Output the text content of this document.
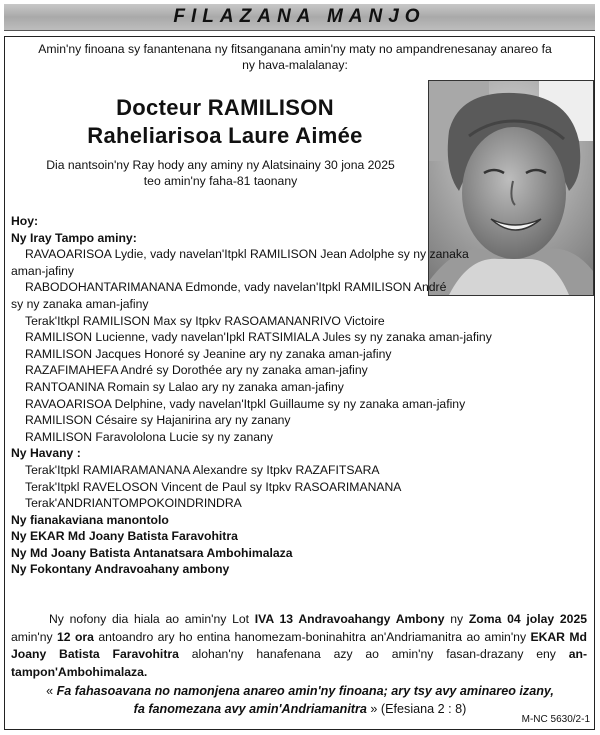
FILAZANA MANJO
Amin'ny finoana sy fanantenana ny fitsanganana amin'ny maty no ampandrenesanay anareo fa ny hava-malalanay:
Docteur RAMILISON
Raheliarisoa Laure Aimée
Dia nantsoin'ny Ray hody any aminy ny Alatsinainy 30 jona 2025
teo amin'ny faha-81 taonany
Hoy:
Ny Iray Tampo aminy:
RAVAOARISOA Lydie, vady navelan'Itpkl RAMILISON Jean Adolphe sy ny zanaka
aman-jafiny
RABODOHANTARIMANANA Edmonde, vady navelan'Itpkl RAMILISON André
sy ny zanaka aman-jafiny
Terak'Itkpl RAMILISON Max sy Itpkv RASOAMANANRIVO Victoire
RAMILISON Lucienne, vady navelan'Ipkl RATSIMIALA Jules sy ny zanaka aman-jafiny
RAMILISON Jacques Honoré sy Jeanine ary ny zanaka aman-jafiny
RAZAFIMAHEFA André sy Dorothée ary ny zanaka aman-jafiny
RANTOANINA Romain sy Lalao ary ny zanaka aman-jafiny
RAVAOARISOA Delphine, vady navelan'Itpkl Guillaume sy ny zanaka aman-jafiny
RAMILISON Césaire sy Hajanirina ary ny zanany
RAMILISON Faravololona Lucie sy ny zanany
Ny Havany :
Terak'Itpkl RAMIARAMANANA Alexandre sy Itpkv RAZAFITSARA
Terak'Itpkl RAVELOSON Vincent de Paul sy Itpkv RASOARIMANANA
Terak'ANDRIANTOMPOKOINDRINDRA
Ny fianakaviana manontolo
Ny EKAR Md Joany Batista Faravohitra
Ny Md Joany Batista Antanatsara Ambohimalaza
Ny Fokontany Andravoahany ambony
Ny nofony dia hiala ao amin'ny Lot IVA 13 Andravoahangy Ambony ny Zoma 04 jolay 2025 amin'ny 12 ora antoandro ary ho entina hanomezam-boninahitra an'Andriamanitra ao amin'ny EKAR Md Joany Batista Faravohitra alohan'ny hanafenana azy ao amin'ny fasan-drazany eny an-tampon'Ambohimalaza.
« Fa fahasoavana no namonjena anareo amin'ny finoana; ary tsy avy aminareo izany,
fa fanomezana avy amin'Andriamanitra » (Efesiana 2 : 8)
M-NC 5630/2-1
